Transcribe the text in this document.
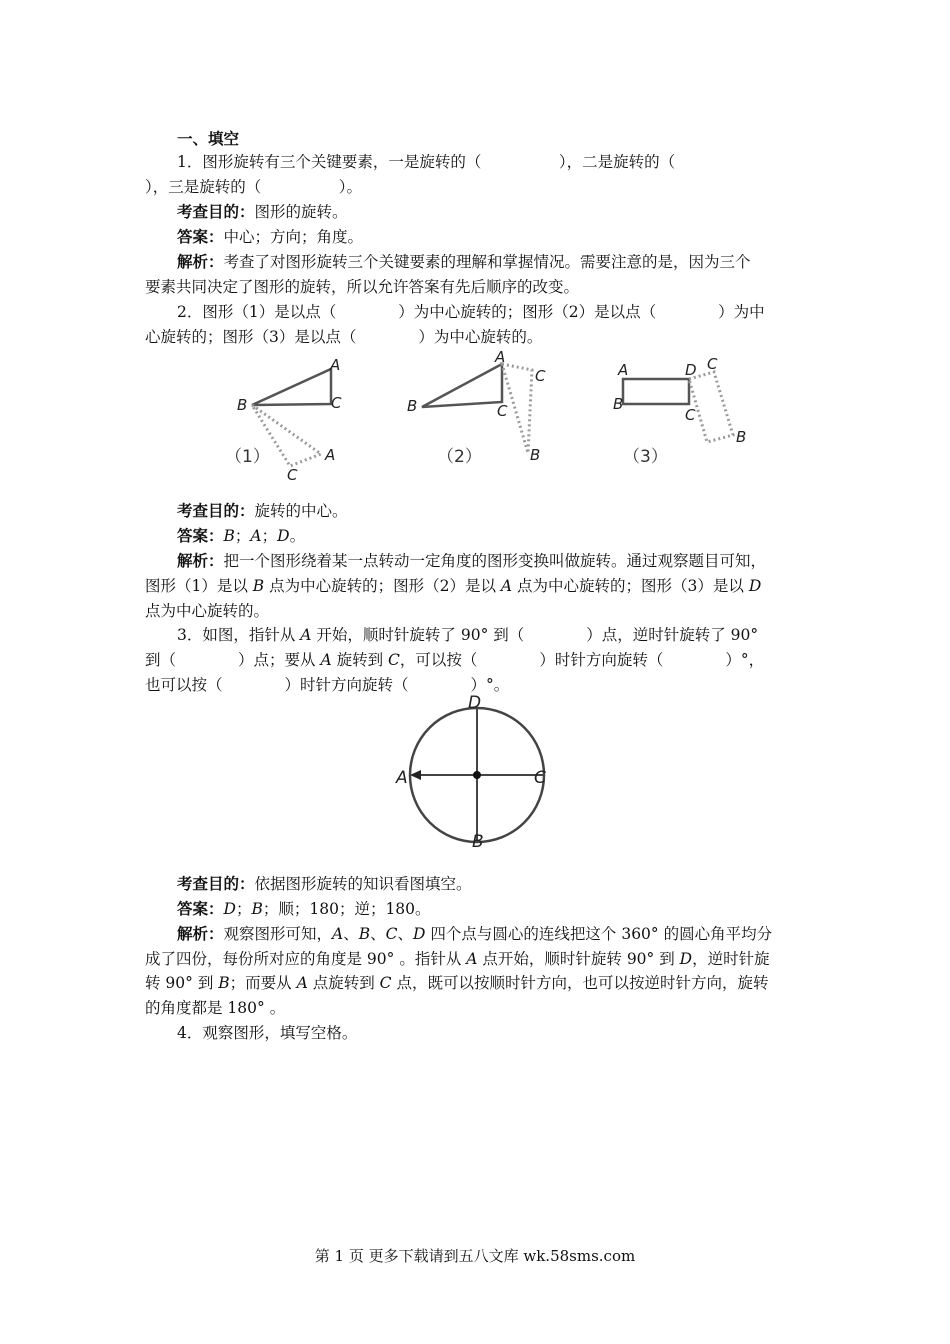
一、填空
1．图形旋转有三个关键要素，一是旋转的（　　　　　），二是旋转的（
），三是旋转的（　　　　　）。
考查目的：图形的旋转。
答案：中心；方向；角度。
解析：考查了对图形旋转三个关键要素的理解和掌握情况。需要注意的是，因为三个
要素共同决定了图形的旋转，所以允许答案有先后顺序的改变。
2．图形（1）是以点（　　　　）为中心旋转的；图形（2）是以点（　　　　）为中
心旋转的；图形（3）是以点（　　　　）为中心旋转的。
A
B	C
A
C
（1）
A
B	C
C
B
（2）
A	D
C
B
C
B
（3）
考查目的：旋转的中心。
答案：B；A；D。
解析：把一个图形绕着某一点转动一定角度的图形变换叫做旋转。通过观察题目可知，
图形（1）是以 B 点为中心旋转的；图形（2）是以 A 点为中心旋转的；图形（3）是以 D
点为中心旋转的。
3．如图，指针从 A 开始，顺时针旋转了 90° 到（　　　　）点，逆时针旋转了 90°
到（　　　　）点；要从 A 旋转到 C，可以按（　　　　）时针方向旋转（　　　　）°，
也可以按（　　　　）时针方向旋转（　　　　）°。
D
A	C
B
考查目的：依据图形旋转的知识看图填空。
答案：D；B；顺；180；逆；180。
解析：观察图形可知，A、B、C、D 四个点与圆心的连线把这个 360° 的圆心角平均分
成了四份，每份所对应的角度是 90° 。指针从 A 点开始，顺时针旋转 90° 到 D，逆时针旋
转 90° 到 B；而要从 A 点旋转到 C 点，既可以按顺时针方向，也可以按逆时针方向，旋转
的角度都是 180° 。
4．观察图形，填写空格。
第 1 页 更多下载请到五八文库 wk.58sms.com
